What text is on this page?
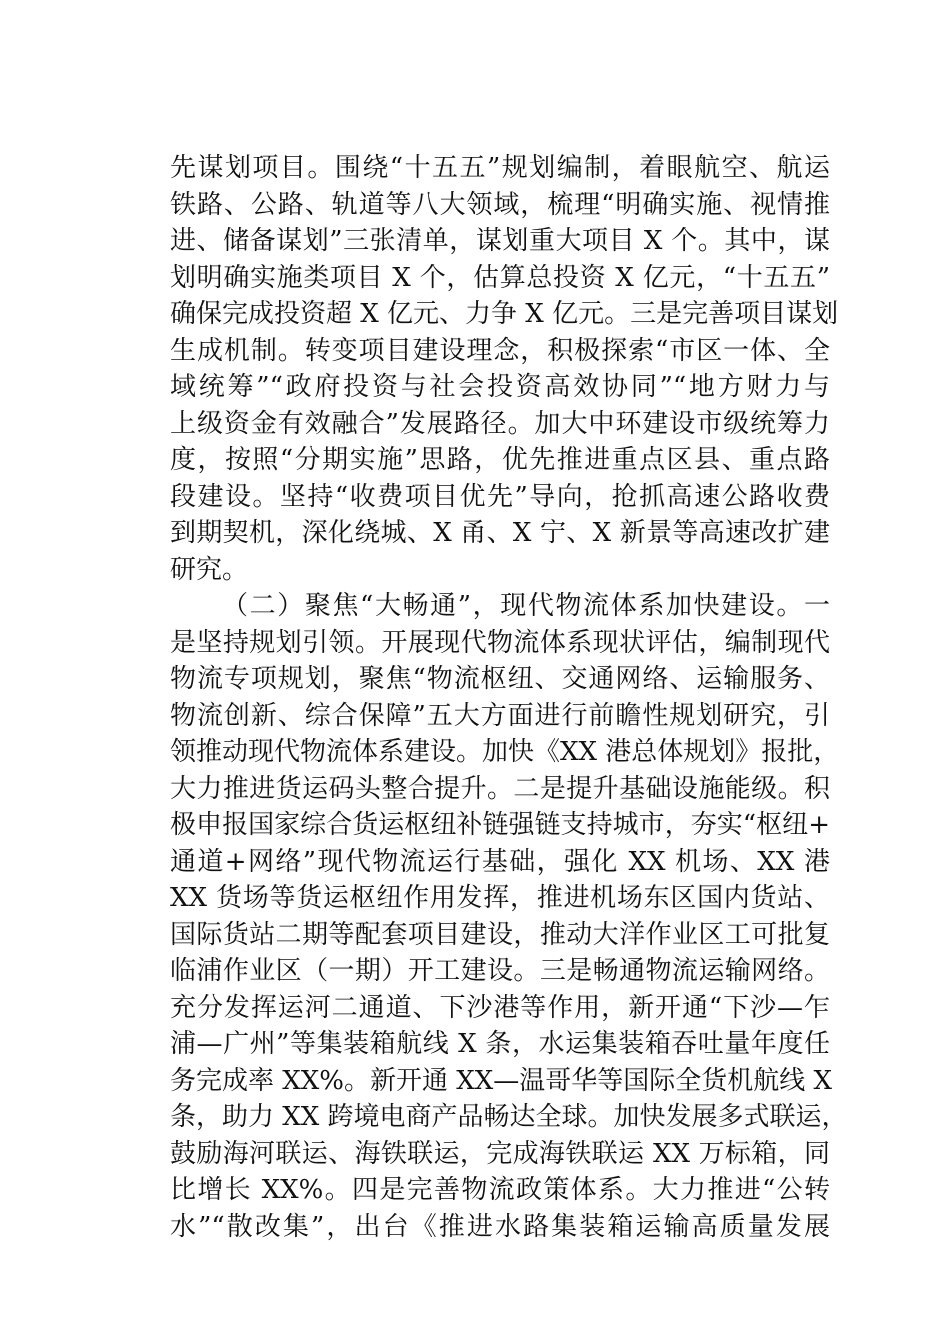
先谋划项目。围绕“十五五”规划编制，着眼航空、航运
铁路、公路、轨道等八大领域，梳理“明确实施、视情推
进、储备谋划”三张清单，谋划重大项目 X 个。其中，谋
划明确实施类项目 X 个，估算总投资 X 亿元，“十五五”
确保完成投资超 X 亿元、力争 X 亿元。三是完善项目谋划
生成机制。转变项目建设理念，积极探索“市区一体、全
域统筹”“政府投资与社会投资高效协同”“地方财力与
上级资金有效融合”发展路径。加大中环建设市级统筹力
度，按照“分期实施”思路，优先推进重点区县、重点路
段建设。坚持“收费项目优先”导向，抢抓高速公路收费
到期契机，深化绕城、X 甬、X 宁、X 新景等高速改扩建
研究。
（二）聚焦“大畅通”，现代物流体系加快建设。一
是坚持规划引领。开展现代物流体系现状评估，编制现代
物流专项规划，聚焦“物流枢纽、交通网络、运输服务、
物流创新、综合保障”五大方面进行前瞻性规划研究，引
领推动现代物流体系建设。加快《XX 港总体规划》报批，
大力推进货运码头整合提升。二是提升基础设施能级。积
极申报国家综合货运枢纽补链强链支持城市，夯实“枢纽+
通道+网络”现代物流运行基础，强化 XX 机场、XX 港
XX 货场等货运枢纽作用发挥，推进机场东区国内货站、
国际货站二期等配套项目建设，推动大洋作业区工可批复
临浦作业区（一期）开工建设。三是畅通物流运输网络。
充分发挥运河二通道、下沙港等作用，新开通“下沙—乍
浦—广州”等集装箱航线 X 条，水运集装箱吞吐量年度任
务完成率 XX%。新开通 XX—温哥华等国际全货机航线 X
条，助力 XX 跨境电商产品畅达全球。加快发展多式联运，
鼓励海河联运、海铁联运，完成海铁联运 XX 万标箱，同
比增长 XX%。四是完善物流政策体系。大力推进“公转
水”“散改集”，出台《推进水路集装箱运输高质量发展
